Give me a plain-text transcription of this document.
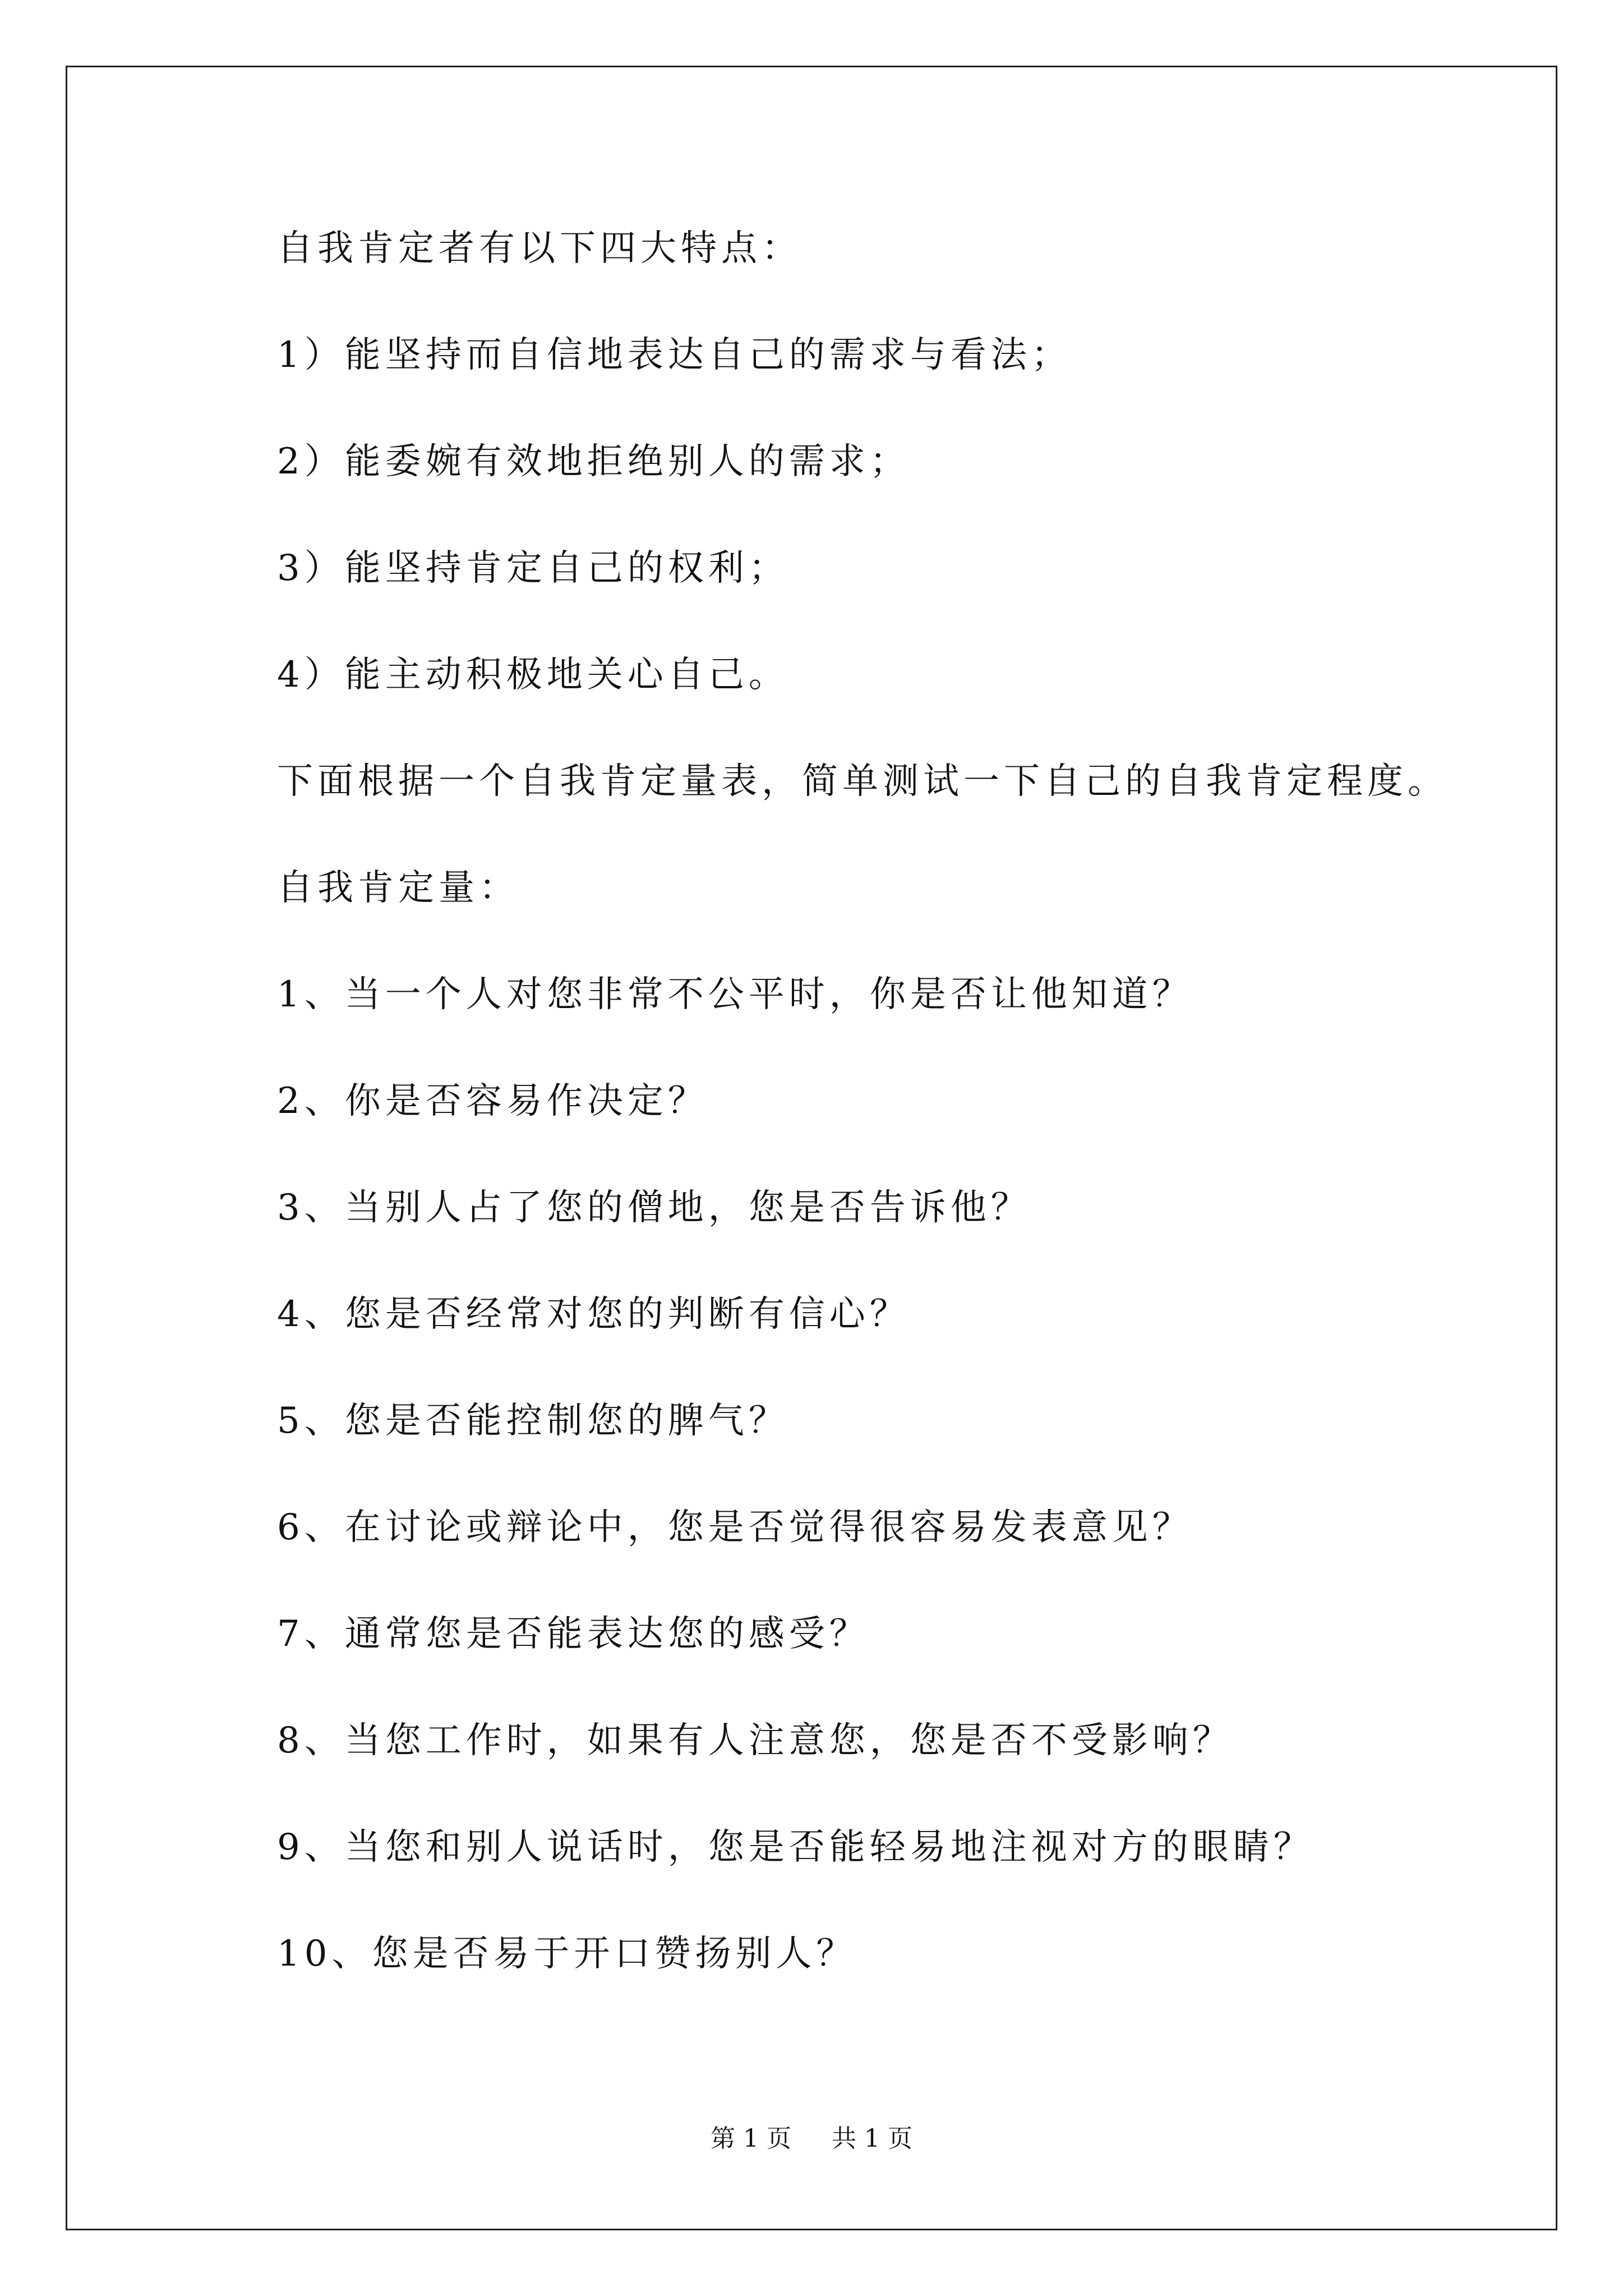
自我肯定者有以下四大特点：
1）能坚持而自信地表达自己的需求与看法；
2）能委婉有效地拒绝别人的需求；
3）能坚持肯定自己的权利；
4）能主动积极地关心自己。
下面根据一个自我肯定量表，简单测试一下自己的自我肯定程度。
自我肯定量：
1、当一个人对您非常不公平时，你是否让他知道？
2、你是否容易作决定？
3、当别人占了您的僧地，您是否告诉他？
4、您是否经常对您的判断有信心？
5、您是否能控制您的脾气？
6、在讨论或辩论中，您是否觉得很容易发表意见？
7、通常您是否能表达您的感受？
8、当您工作时，如果有人注意您，您是否不受影响？
9、当您和别人说话时，您是否能轻易地注视对方的眼睛？
10、您是否易于开口赞扬别人？
第 1 页 共 1 页
